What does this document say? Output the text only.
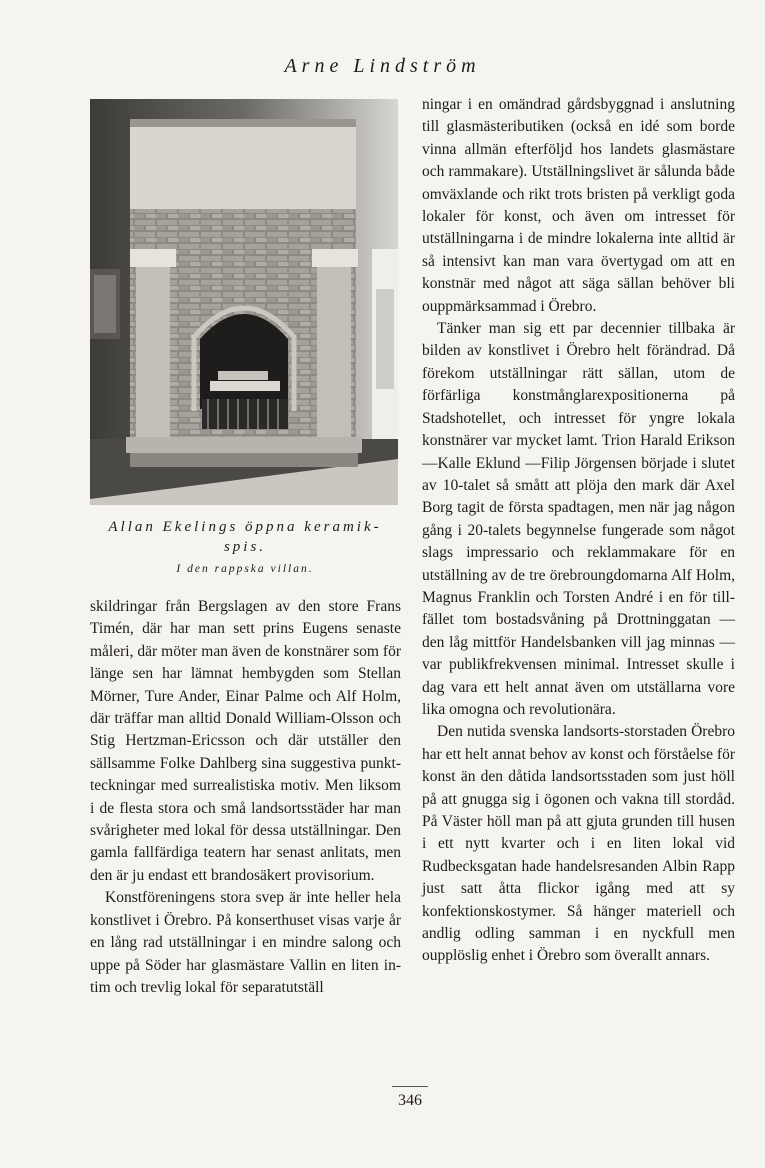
Arne Lindström
Allan Ekelings öppna keramik-spis.
I den rappska villan.

skildringar från Bergslagen av den store Frans Timén, där har man sett prins Eugens senaste måleri, där möter man även de konstnärer som för länge sen har lämnat hembygden som Stellan Mörner, Ture Ander, Einar Palme och Alf Holm, där träffar man alltid Donald William-Olsson och Stig Hertzman-Ericsson och där utställer den sällsamme Folke Dahlberg sina suggestiva punkt-teckningar med surrealistiska motiv. Men liksom i de flesta stora och små landsortsstäder har man svårigheter med lokal för dessa utställningar. Den gamla fallfärdiga teatern har senast anlitats, men den är ju endast ett brandosäkert provisorium.

Konstföreningens stora svep är inte heller hela konstlivet i Örebro. På konserthuset visas varje år en lång rad utställningar i en mindre salong och uppe på Söder har glasmästare Vallin en liten intim och trevlig lokal för separatutställ

ningar i en omändrad gårdsbyggnad i anslutning till glasmästeributiken (också en idé som borde vinna allmän efterföljd hos landets glasmästare och rammakare). Utställningslivet är sålunda både omväxlande och rikt trots bristen på verkligt goda lokaler för konst, och även om intresset för utställningarna i de mindre lokalerna inte alltid är så intensivt kan man vara övertygad om att en konstnär med något att säga sällan behöver bli ouppmärksammad i Örebro.

Tänker man sig ett par decennier tillbaka är bilden av konstlivet i Örebro helt förändrad. Då förekom utställningar rätt sällan, utom de förfärliga konstmånglarexpositionerna på Stadshotellet, och intresset för yngre lokala konstnärer var mycket lamt. Trion Harald Erikson—Kalle Eklund —Filip Jörgensen började i slutet av 10-talet så smått att plöja den mark där Axel Borg tagit de första spadtagen, men när jag någon gång i 20-talets begynnelse fungerade som något slags impressario och reklammakare för en utställning av de tre örebroungdomarna Alf Holm, Magnus Franklin och Torsten André i en för tillfället tom bostadsvåning på Drottninggatan — den låg mittför Handelsbanken vill jag minnas — var publikfrekvensen minimal. Intresset skulle i dag vara ett helt annat även om utställarna vore lika omogna och revolutionära.

Den nutida svenska landsorts-storstaden Örebro har ett helt annat behov av konst och förståelse för konst än den dåtida landsortsstaden som just höll på att gnugga sig i ögonen och vakna till stordåd. På Väster höll man på att gjuta grunden till husen i ett nytt kvarter och i en liten lokal vid Rudbecksgatan hade handelsresanden Albin Rapp just satt åtta flickor igång med att sy konfektionskostymer. Så hänger materiell och andlig odling samman i en nyckfull men oupplöslig enhet i Örebro som överallt annars.

346
